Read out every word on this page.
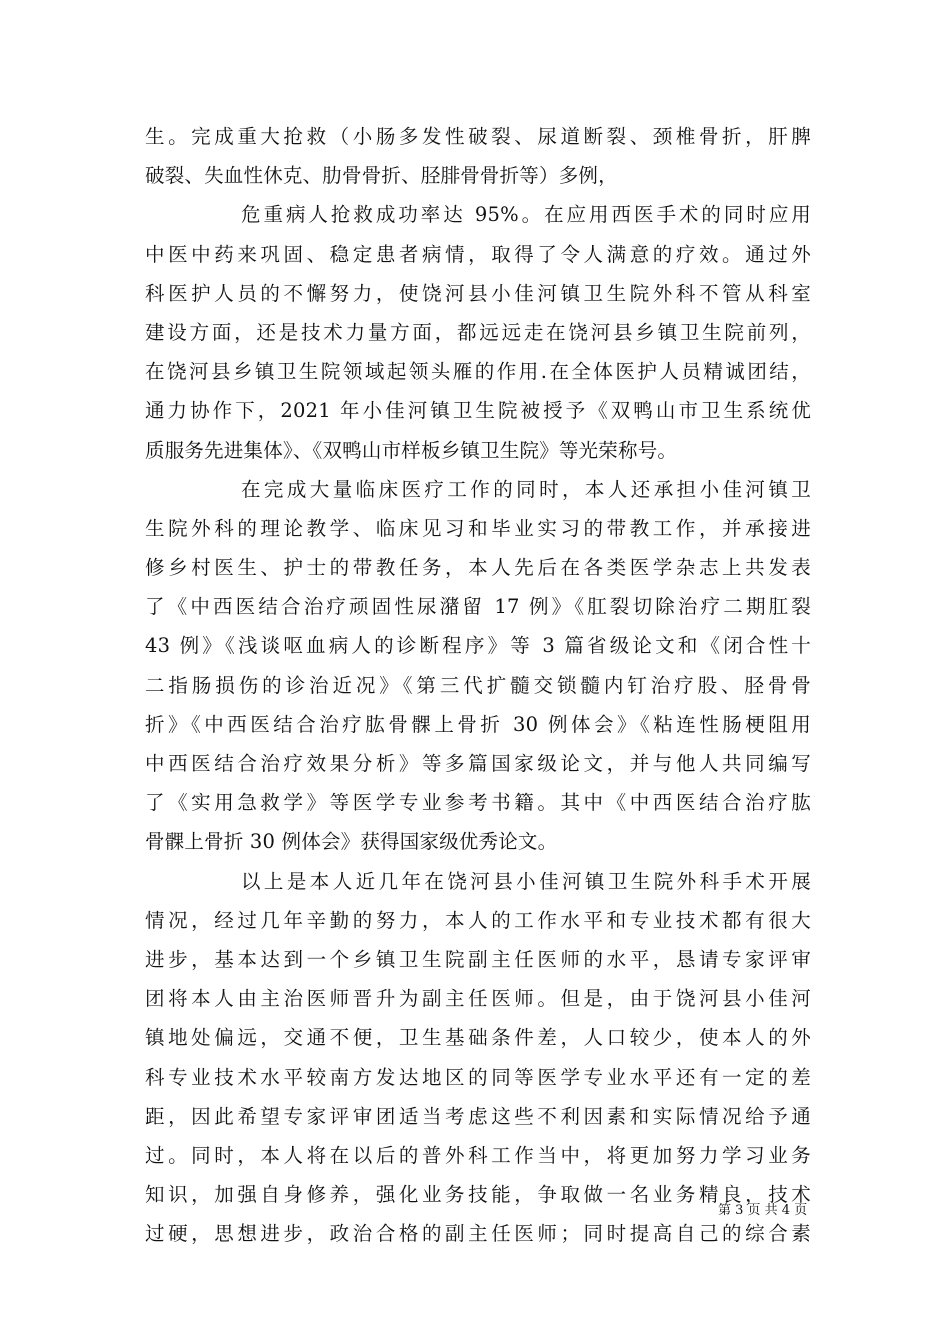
生。完成重大抢救（小肠多发性破裂、尿道断裂、颈椎骨折，肝脾
破裂、失血性休克、肋骨骨折、胫腓骨骨折等）多例，
危重病人抢救成功率达 95%。在应用西医手术的同时应用
中医中药来巩固、稳定患者病情，取得了令人满意的疗效。通过外
科医护人员的不懈努力，使饶河县小佳河镇卫生院外科不管从科室
建设方面，还是技术力量方面，都远远走在饶河县乡镇卫生院前列，
在饶河县乡镇卫生院领域起领头雁的作用.在全体医护人员精诚团结，
通力协作下，2021 年小佳河镇卫生院被授予《双鸭山市卫生系统优
质服务先进集体》、《双鸭山市样板乡镇卫生院》等光荣称号。
在完成大量临床医疗工作的同时，本人还承担小佳河镇卫
生院外科的理论教学、临床见习和毕业实习的带教工作，并承接进
修乡村医生、护士的带教任务，本人先后在各类医学杂志上共发表
了《中西医结合治疗顽固性尿潴留 17 例》《肛裂切除治疗二期肛裂
43 例》《浅谈呕血病人的诊断程序》等 3 篇省级论文和《闭合性十
二指肠损伤的诊治近况》《第三代扩髓交锁髓内钉治疗股、胫骨骨
折》《中西医结合治疗肱骨髁上骨折 30 例体会》《粘连性肠梗阻用
中西医结合治疗效果分析》等多篇国家级论文，并与他人共同编写
了《实用急救学》等医学专业参考书籍。其中《中西医结合治疗肱
骨髁上骨折 30 例体会》获得国家级优秀论文。
以上是本人近几年在饶河县小佳河镇卫生院外科手术开展
情况，经过几年辛勤的努力，本人的工作水平和专业技术都有很大
进步，基本达到一个乡镇卫生院副主任医师的水平，恳请专家评审
团将本人由主治医师晋升为副主任医师。但是，由于饶河县小佳河
镇地处偏远，交通不便，卫生基础条件差，人口较少，使本人的外
科专业技术水平较南方发达地区的同等医学专业水平还有一定的差
距，因此希望专家评审团适当考虑这些不利因素和实际情况给予通
过。同时，本人将在以后的普外科工作当中，将更加努力学习业务
知识，加强自身修养，强化业务技能，争取做一名业务精良，技术
过硬，思想进步，政治合格的副主任医师；同时提高自己的综合素
第 3 页 共 4 页
